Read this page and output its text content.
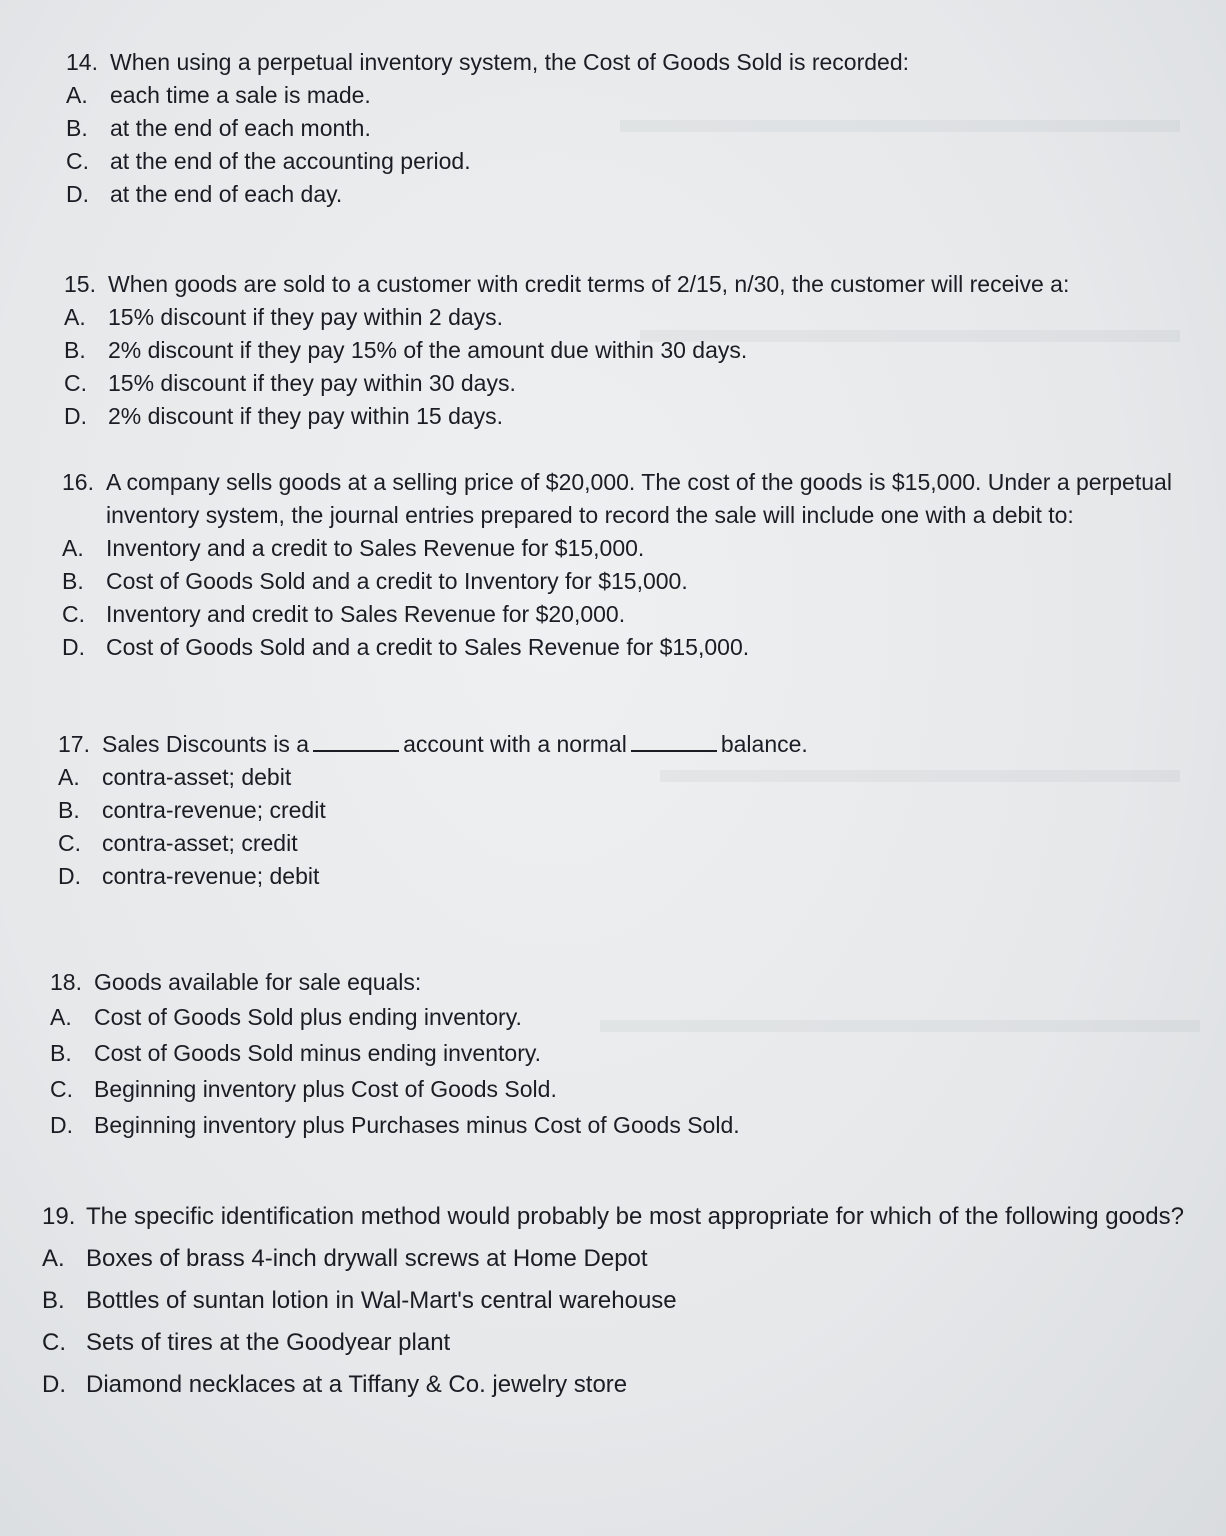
14. When using a perpetual inventory system, the Cost of Goods Sold is recorded:
A. each time a sale is made.
B. at the end of each month.
C. at the end of the accounting period.
D. at the end of each day.
15. When goods are sold to a customer with credit terms of 2/15, n/30, the customer will receive a:
A. 15% discount if they pay within 2 days.
B. 2% discount if they pay 15% of the amount due within 30 days.
C. 15% discount if they pay within 30 days.
D. 2% discount if they pay within 15 days.
16. A company sells goods at a selling price of $20,000. The cost of the goods is $15,000. Under a perpetual inventory system, the journal entries prepared to record the sale will include one with a debit to:
A. Inventory and a credit to Sales Revenue for $15,000.
B. Cost of Goods Sold and a credit to Inventory for $15,000.
C. Inventory and credit to Sales Revenue for $20,000.
D. Cost of Goods Sold and a credit to Sales Revenue for $15,000.
17. Sales Discounts is a	account with a normal	balance.
A. contra-asset; debit
B. contra-revenue; credit
C. contra-asset; credit
D. contra-revenue; debit
18. Goods available for sale equals:
A. Cost of Goods Sold plus ending inventory.
B. Cost of Goods Sold minus ending inventory.
C. Beginning inventory plus Cost of Goods Sold.
D. Beginning inventory plus Purchases minus Cost of Goods Sold.
19. The specific identification method would probably be most appropriate for which of the following goods?
A. Boxes of brass 4-inch drywall screws at Home Depot
B. Bottles of suntan lotion in Wal-Mart's central warehouse
C. Sets of tires at the Goodyear plant
D. Diamond necklaces at a Tiffany & Co. jewelry store
